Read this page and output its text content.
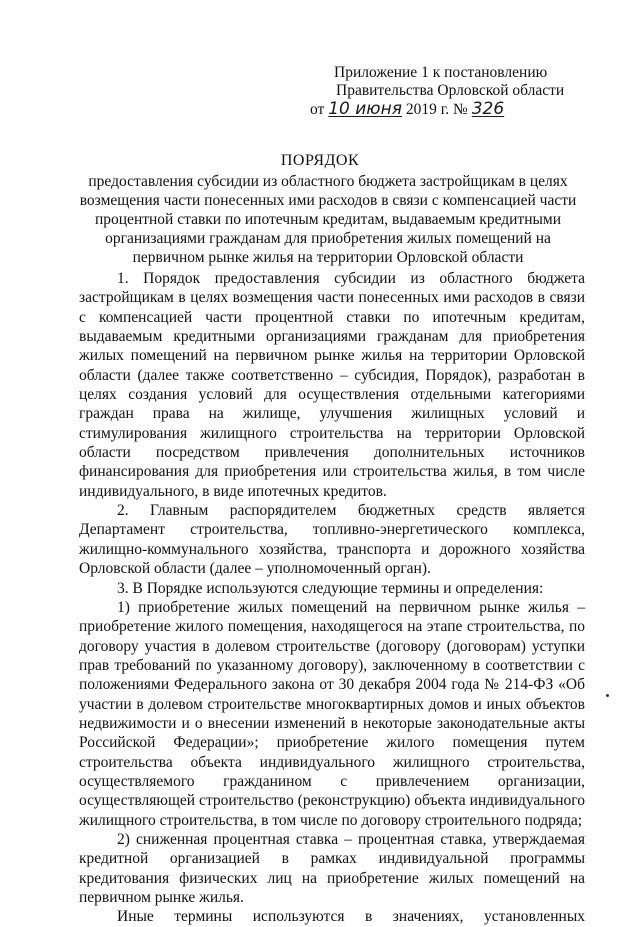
Приложение 1 к постановлению
Правительства Орловской области
от 10 июня 2019 г. № 326
ПОРЯДОК
предоставления субсидии из областного бюджета застройщикам в целях возмещения части понесенных ими расходов в связи с компенсацией части процентной ставки по ипотечным кредитам, выдаваемым кредитными организациями гражданам для приобретения жилых помещений на первичном рынке жилья на территории Орловской области

1. Порядок предоставления субсидии из областного бюджета застройщикам в целях возмещения части понесенных ими расходов в связи с компенсацией части процентной ставки по ипотечным кредитам, выдаваемым кредитными организациями гражданам для приобретения жилых помещений на первичном рынке жилья на территории Орловской области (далее также соответственно – субсидия, Порядок), разработан в целях создания условий для осуществления отдельными категориями граждан права на жилище, улучшения жилищных условий и стимулирования жилищного строительства на территории Орловской области посредством привлечения дополнительных источников финансирования для приобретения или строительства жилья, в том числе индивидуального, в виде ипотечных кредитов.

2. Главным распорядителем бюджетных средств является Департамент строительства, топливно-энергетического комплекса, жилищно-коммунального хозяйства, транспорта и дорожного хозяйства Орловской области (далее – уполномоченный орган).

3. В Порядке используются следующие термины и определения:

1) приобретение жилых помещений на первичном рынке жилья – приобретение жилого помещения, находящегося на этапе строительства, по договору участия в долевом строительстве (договору (договорам) уступки прав требований по указанному договору), заключенному в соответствии с положениями Федерального закона от 30 декабря 2004 года № 214-ФЗ «Об участии в долевом строительстве многоквартирных домов и иных объектов недвижимости и о внесении изменений в некоторые законодательные акты Российской Федерации»; приобретение жилого помещения путем строительства объекта индивидуального жилищного строительства, осуществляемого гражданином с привлечением организации, осуществляющей строительство (реконструкцию) объекта индивидуального жилищного строительства, в том числе по договору строительного подряда;

2) сниженная процентная ставка – процентная ставка, утверждаемая кредитной организацией в рамках индивидуальной программы кредитования физических лиц на приобретение жилых помещений на первичном рынке жилья.

Иные термины используются в значениях, установленных
